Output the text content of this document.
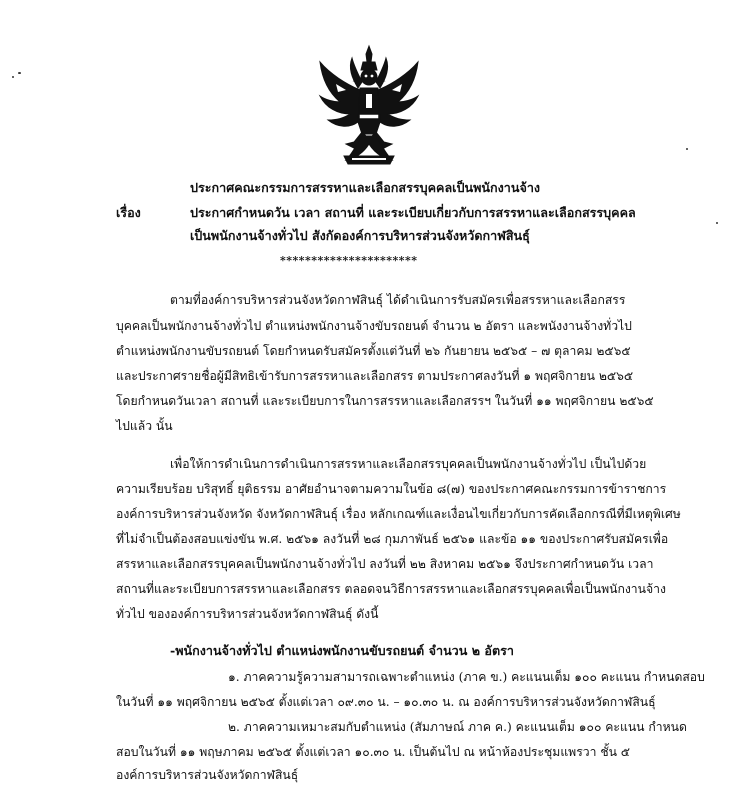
ประกาศคณะกรรมการสรรหาและเลือกสรรบุคคลเป็นพนักงานจ้าง
เรื่อง	ประกาศกำหนดวัน เวลา สถานที่ และระเบียบเกี่ยวกับการสรรหาและเลือกสรรบุคคล
เป็นพนักงานจ้างทั่วไป สังกัดองค์การบริหารส่วนจังหวัดกาฬสินธุ์
**********************
ตามที่องค์การบริหารส่วนจังหวัดกาฬสินธุ์ ได้ดำเนินการรับสมัครเพื่อสรรหาและเลือกสรร
บุคคลเป็นพนักงานจ้างทั่วไป ตำแหน่งพนักงานจ้างขับรถยนต์ จำนวน ๒ อัตรา และพนังงานจ้างทั่วไป
ตำแหน่งพนักงานขับรถยนต์ โดยกำหนดรับสมัครตั้งแต่วันที่ ๒๖ กันยายน ๒๕๖๕ – ๗ ตุลาคม ๒๕๖๕
และประกาศรายชื่อผู้มีสิทธิเข้ารับการสรรหาและเลือกสรร ตามประกาศลงวันที่ ๑ พฤศจิกายน ๒๕๖๕
โดยกำหนดวันเวลา สถานที่ และระเบียบการในการสรรหาและเลือกสรรฯ ในวันที่ ๑๑ พฤศจิกายน ๒๕๖๕
ไปแล้ว นั้น
เพื่อให้การดำเนินการดำเนินการสรรหาและเลือกสรรบุคคลเป็นพนักงานจ้างทั่วไป เป็นไปด้วย
ความเรียบร้อย บริสุทธิ์ ยุติธรรม อาศัยอำนาจตามความในข้อ ๘(๗) ของประกาศคณะกรรมการข้าราชการ
องค์การบริหารส่วนจังหวัด จังหวัดกาฬสินธุ์ เรื่อง หลักเกณฑ์และเงื่อนไขเกี่ยวกับการคัดเลือกกรณีที่มีเหตุพิเศษ
ที่ไม่จำเป็นต้องสอบแข่งขัน พ.ศ. ๒๕๖๑ ลงวันที่ ๒๘ กุมภาพันธ์ ๒๕๖๑ และข้อ ๑๑ ของประกาศรับสมัครเพื่อ
สรรหาและเลือกสรรบุคคลเป็นพนักงานจ้างทั่วไป ลงวันที่ ๒๒ สิงหาคม ๒๕๖๑ จึงประกาศกำหนดวัน เวลา
สถานที่และระเบียบการสรรหาและเลือกสรร ตลอดจนวิธีการสรรหาและเลือกสรรบุคคลเพื่อเป็นพนักงานจ้าง
ทั่วไป ขององค์การบริหารส่วนจังหวัดกาฬสินธุ์ ดังนี้
-พนักงานจ้างทั่วไป ตำแหน่งพนักงานขับรถยนต์ จำนวน ๒ อัตรา
๑. ภาคความรู้ความสามารถเฉพาะตำแหน่ง (ภาค ข.) คะแนนเต็ม ๑๐๐ คะแนน กำหนดสอบ
ในวันที่ ๑๑ พฤศจิกายน ๒๕๖๕ ตั้งแต่เวลา ๐๙.๓๐ น. – ๑๐.๓๐ น. ณ องค์การบริหารส่วนจังหวัดกาฬสินธุ์
๒. ภาคความเหมาะสมกับตำแหน่ง (สัมภาษณ์ ภาค ค.) คะแนนเต็ม ๑๐๐ คะแนน กำหนด
สอบในวันที่ ๑๑ พฤษภาคม ๒๕๖๕ ตั้งแต่เวลา ๑๐.๓๐ น. เป็นต้นไป ณ หน้าห้องประชุมแพรวา ชั้น ๕
องค์การบริหารส่วนจังหวัดกาฬสินธุ์
